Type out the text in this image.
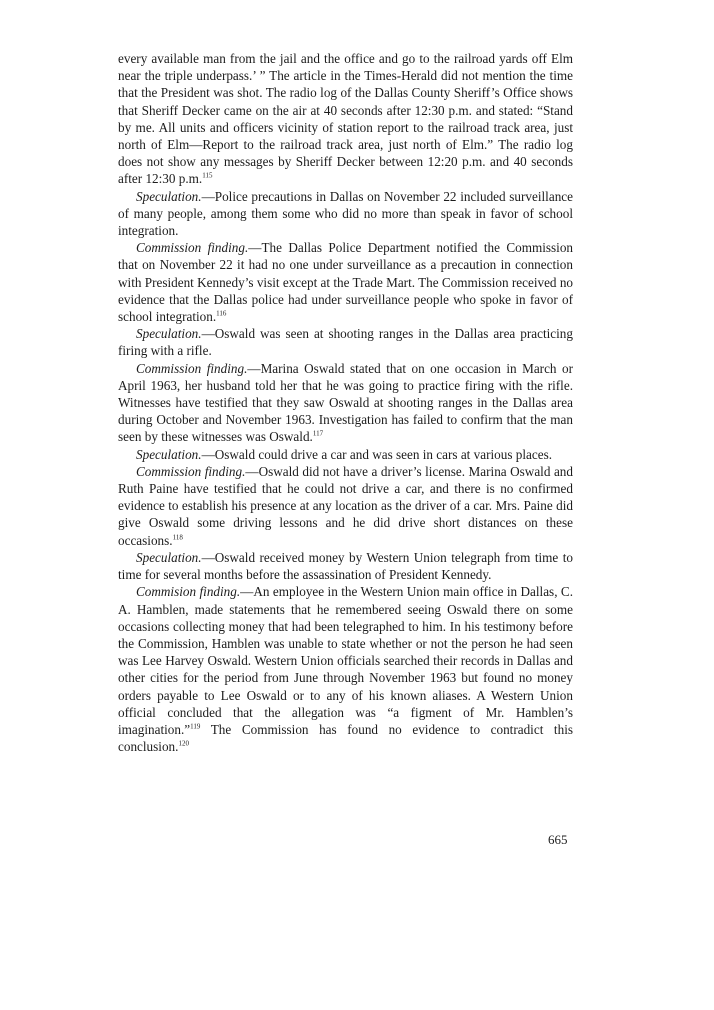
every available man from the jail and the office and go to the railroad yards off Elm near the triple underpass.’ ” The article in the Times-Herald did not mention the time that the President was shot. The radio log of the Dallas County Sheriff’s Office shows that Sheriff Decker came on the air at 40 seconds after 12:30 p.m. and stated: “Stand by me. All units and officers vicinity of station report to the railroad track area, just north of Elm—Report to the railroad track area, just north of Elm.” The radio log does not show any messages by Sheriff Decker between 12:20 p.m. and 40 seconds after 12:30 p.m.$^{115}$

Speculation.—Police precautions in Dallas on November 22 included surveillance of many people, among them some who did no more than speak in favor of school integration.

Commission finding.—The Dallas Police Department notified the Commission that on November 22 it had no one under surveillance as a precaution in connection with President Kennedy’s visit except at the Trade Mart. The Commission received no evidence that the Dallas police had under surveillance people who spoke in favor of school integration.$^{116}$

Speculation.—Oswald was seen at shooting ranges in the Dallas area practicing firing with a rifle.

Commission finding.—Marina Oswald stated that on one occasion in March or April 1963, her husband told her that he was going to practice firing with the rifle. Witnesses have testified that they saw Oswald at shooting ranges in the Dallas area during October and November 1963. Investigation has failed to confirm that the man seen by these witnesses was Oswald.$^{117}$

Speculation.—Oswald could drive a car and was seen in cars at various places.

Commission finding.—Oswald did not have a driver’s license. Marina Oswald and Ruth Paine have testified that he could not drive a car, and there is no confirmed evidence to establish his presence at any location as the driver of a car. Mrs. Paine did give Oswald some driving lessons and he did drive short distances on these occasions.$^{118}$

Speculation.—Oswald received money by Western Union telegraph from time to time for several months before the assassination of President Kennedy.

Commision finding.—An employee in the Western Union main office in Dallas, C. A. Hamblen, made statements that he remembered seeing Oswald there on some occasions collecting money that had been telegraphed to him. In his testimony before the Commission, Hamblen was unable to state whether or not the person he had seen was Lee Harvey Oswald. Western Union officials searched their records in Dallas and other cities for the period from June through November 1963 but found no money orders payable to Lee Oswald or to any of his known aliases. A Western Union official concluded that the allegation was “a figment of Mr. Hamblen’s imagination.”$^{119}$ The Commission has found no evidence to contradict this conclusion.$^{120}$

665
